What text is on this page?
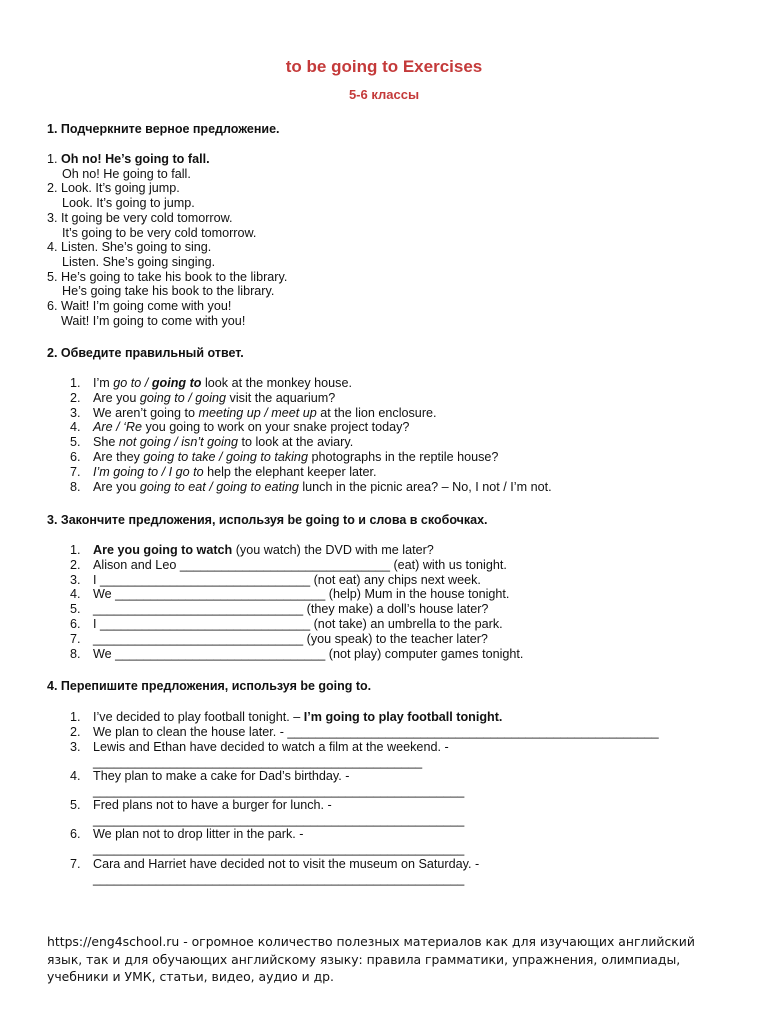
to be going to Exercises
5-6 классы
1. Подчеркните верное предложение.
1. Oh no! He’s going to fall.
Oh no! He going to fall.
2. Look. It’s going jump.
Look. It’s going to jump.
3. It going be very cold tomorrow.
It’s going to be very cold tomorrow.
4. Listen. She’s going to sing.
Listen. She’s going singing.
5. He’s going to take his book to the library.
He’s going take his book to the library.
6. Wait! I’m going come with you!
Wait! I’m going to come with you!
2. Обведите правильный ответ.
1. I’m go to / going to look at the monkey house.
2. Are you going to / going visit the aquarium?
3. We aren’t going to meeting up / meet up at the lion enclosure.
4. Are / ‘Re you going to work on your snake project today?
5. She not going / isn’t going to look at the aviary.
6. Are they going to take / going to taking photographs in the reptile house?
7. I’m going to / I go to help the elephant keeper later.
8. Are you going to eat / going to eating lunch in the picnic area? – No, I not / I’m not.
3. Закончите предложения, используя be going to и слова в скобочках.
1. Are you going to watch (you watch) the DVD with me later?
2. Alison and Leo ______________________________ (eat) with us tonight.
3. I ______________________________ (not eat) any chips next week.
4. We ______________________________ (help) Mum in the house tonight.
5. ______________________________ (they make) a doll’s house later?
6. I ______________________________ (not take) an umbrella to the park.
7. ______________________________ (you speak) to the teacher later?
8. We ______________________________ (not play) computer games tonight.
4. Перепишите предложения, используя be going to.
1. I’ve decided to play football tonight. – I’m going to play football tonight.
2. We plan to clean the house later. - _____________________________________________________
3. Lewis and Ethan have decided to watch a film at the weekend. -
_______________________________________________
4. They plan to make a cake for Dad’s birthday. -
_____________________________________________________
5. Fred plans not to have a burger for lunch. -
_____________________________________________________
6. We plan not to drop litter in the park. -
_____________________________________________________
7. Cara and Harriet have decided not to visit the museum on Saturday. -
_____________________________________________________
https://eng4school.ru - огромное количество полезных материалов как для изучающих английский язык, так и для обучающих английскому языку: правила грамматики, упражнения, олимпиады, учебники и УМК, статьи, видео, аудио и др.
